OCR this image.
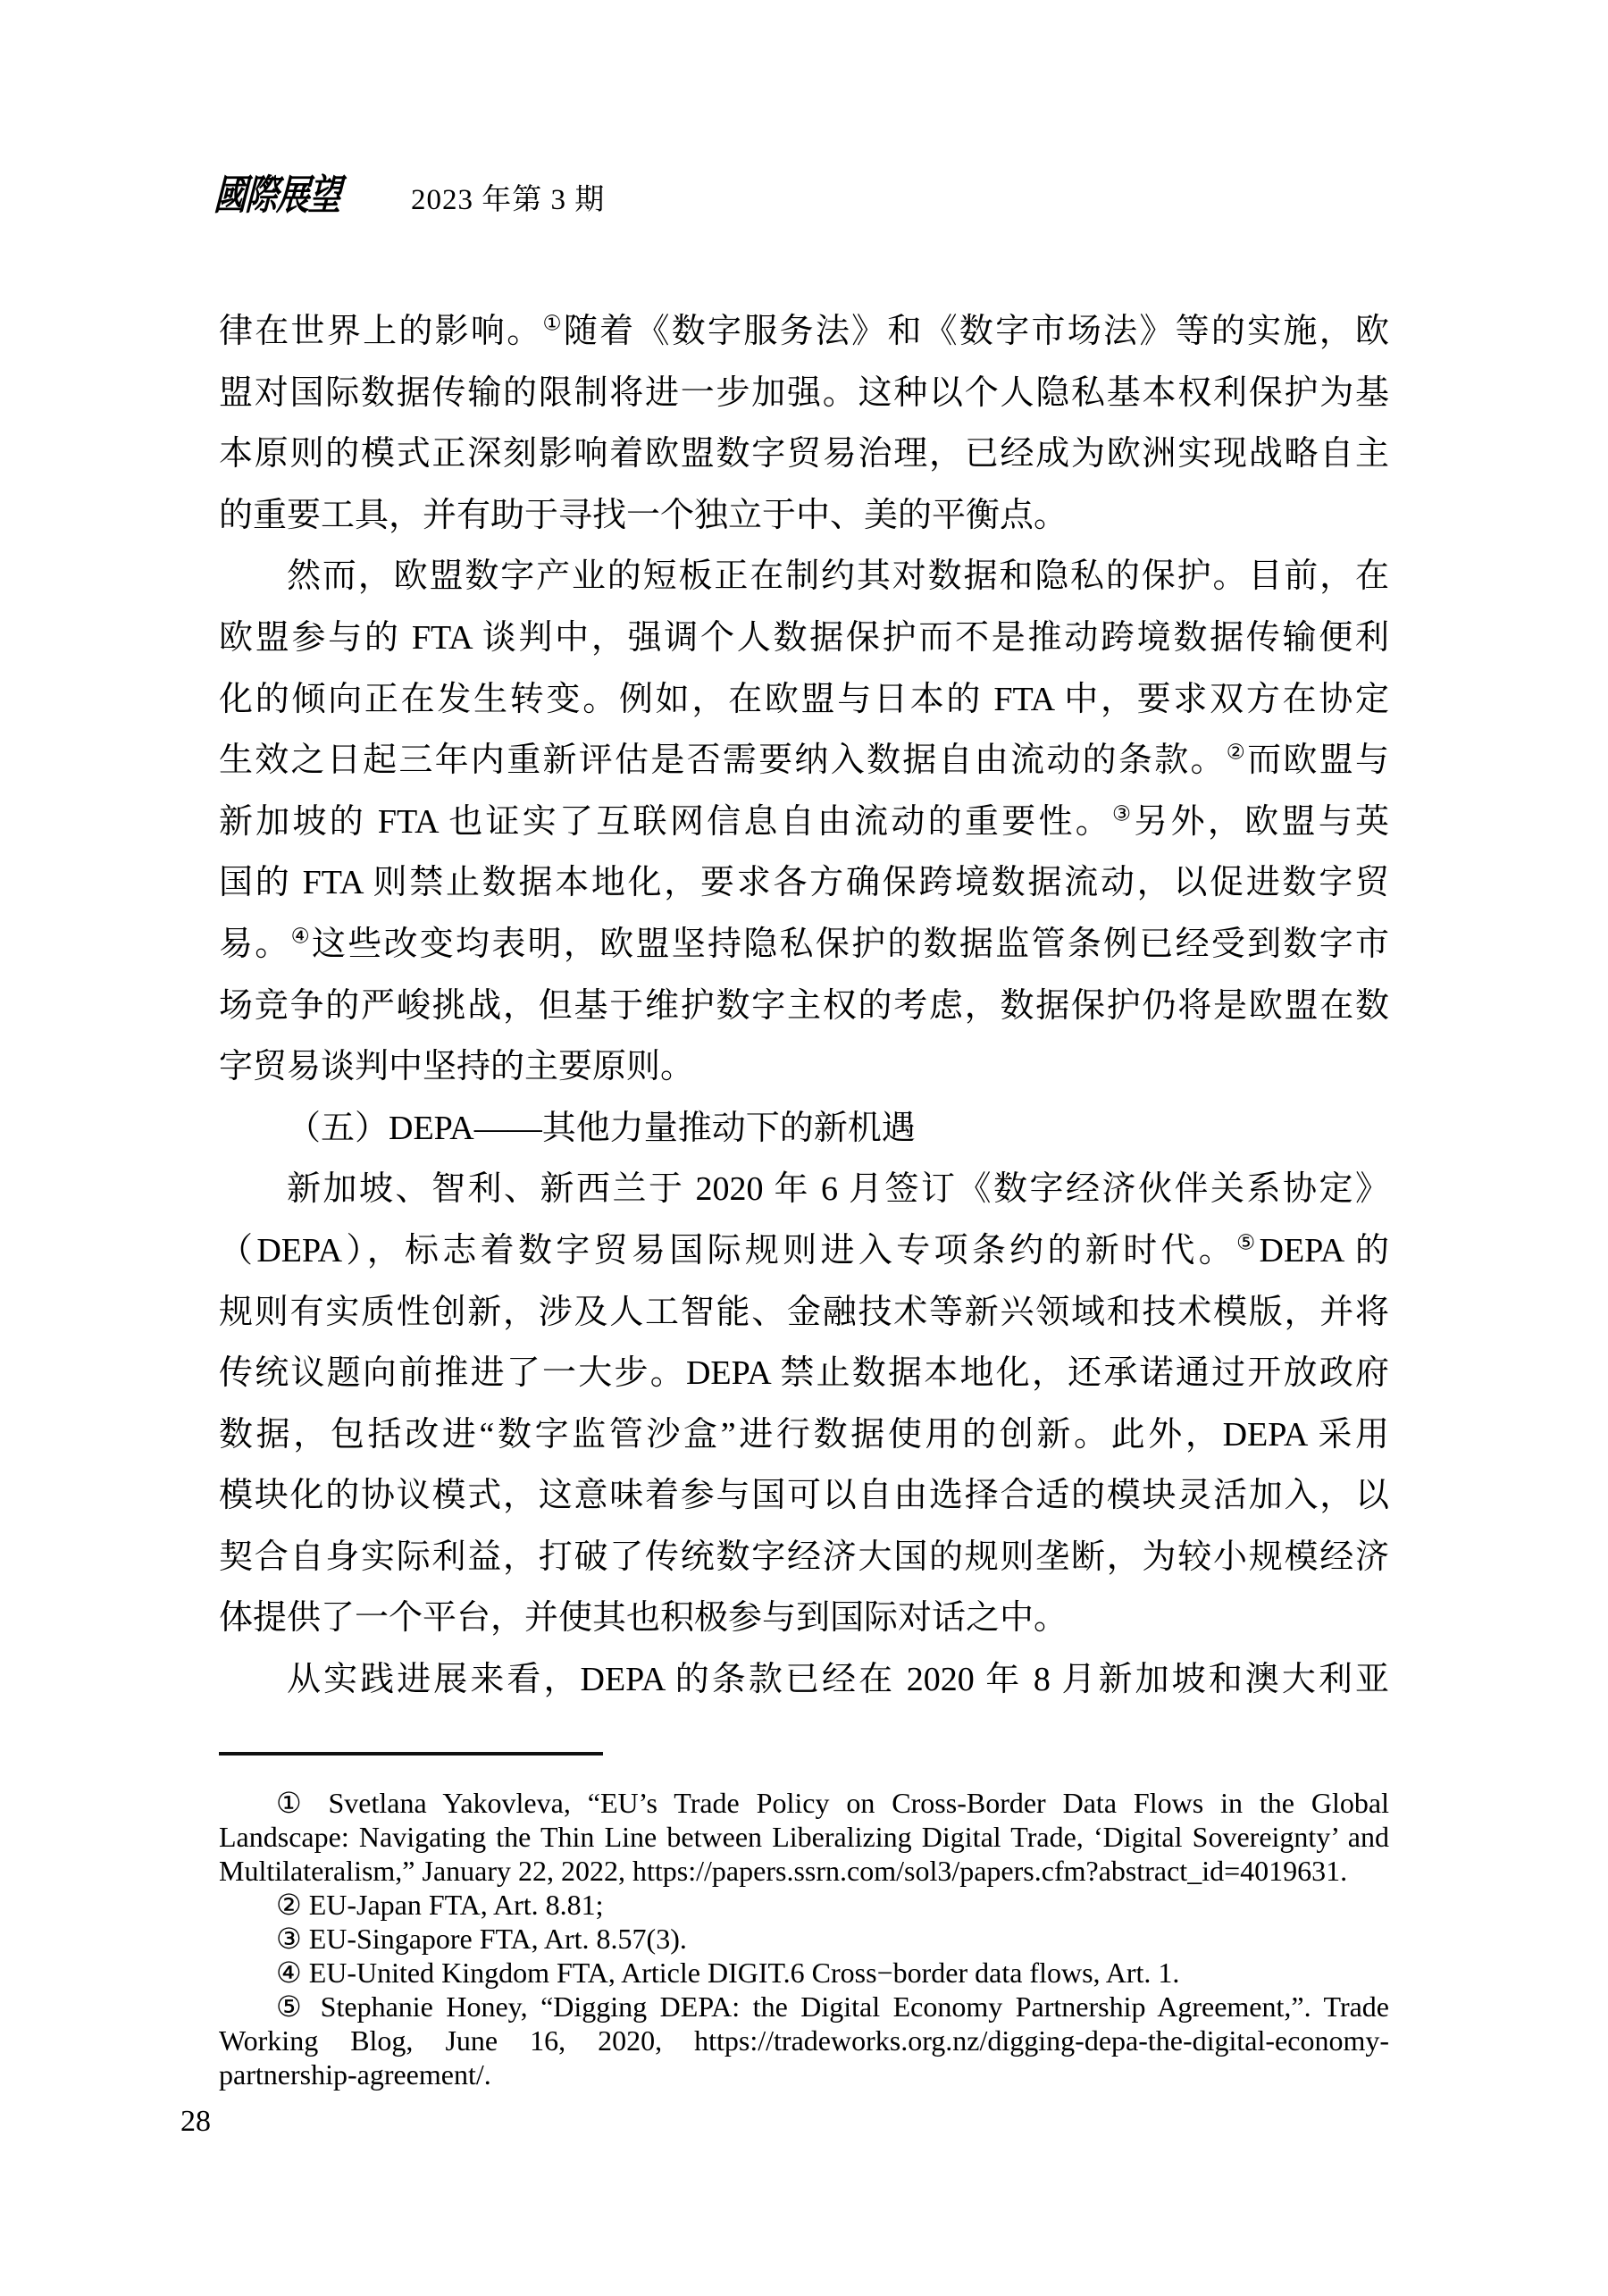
國際展望 2023 年第 3 期
律在世界上的影响。①随着《数字服务法》和《数字市场法》等的实施，欧
盟对国际数据传输的限制将进一步加强。这种以个人隐私基本权利保护为基
本原则的模式正深刻影响着欧盟数字贸易治理，已经成为欧洲实现战略自主
的重要工具，并有助于寻找一个独立于中、美的平衡点。
然而，欧盟数字产业的短板正在制约其对数据和隐私的保护。目前，在
欧盟参与的 FTA 谈判中，强调个人数据保护而不是推动跨境数据传输便利
化的倾向正在发生转变。例如，在欧盟与日本的 FTA 中，要求双方在协定
生效之日起三年内重新评估是否需要纳入数据自由流动的条款。②而欧盟与
新加坡的 FTA 也证实了互联网信息自由流动的重要性。③另外，欧盟与英
国的 FTA 则禁止数据本地化，要求各方确保跨境数据流动，以促进数字贸
易。④这些改变均表明，欧盟坚持隐私保护的数据监管条例已经受到数字市
场竞争的严峻挑战，但基于维护数字主权的考虑，数据保护仍将是欧盟在数
字贸易谈判中坚持的主要原则。
（五）DEPA——其他力量推动下的新机遇
新加坡、智利、新西兰于 2020 年 6 月签订《数字经济伙伴关系协定》
（DEPA），标志着数字贸易国际规则进入专项条约的新时代。⑤DEPA 的
规则有实质性创新，涉及人工智能、金融技术等新兴领域和技术模版，并将
传统议题向前推进了一大步。DEPA 禁止数据本地化，还承诺通过开放政府
数据，包括改进“数字监管沙盒”进行数据使用的创新。此外，DEPA 采用
模块化的协议模式，这意味着参与国可以自由选择合适的模块灵活加入，以
契合自身实际利益，打破了传统数字经济大国的规则垄断，为较小规模经济
体提供了一个平台，并使其也积极参与到国际对话之中。
从实践进展来看，DEPA 的条款已经在 2020 年 8 月新加坡和澳大利亚
① Svetlana Yakovleva, “EU’s Trade Policy on Cross-Border Data Flows in the Global
Landscape: Navigating the Thin Line between Liberalizing Digital Trade, ‘Digital Sovereignty’ and
Multilateralism,” January 22, 2022, https://papers.ssrn.com/sol3/papers.cfm?abstract_id=4019631.
② EU-Japan FTA, Art. 8.81;
③ EU-Singapore FTA, Art. 8.57(3).
④ EU-United Kingdom FTA, Article DIGIT.6 Cross−border data flows, Art. 1.
⑤ Stephanie Honey, “Digging DEPA: the Digital Economy Partnership Agreement,”. Trade
Working Blog, June 16, 2020, https://tradeworks.org.nz/digging-depa-the-digital-economy-
partnership-agreement/.
28
